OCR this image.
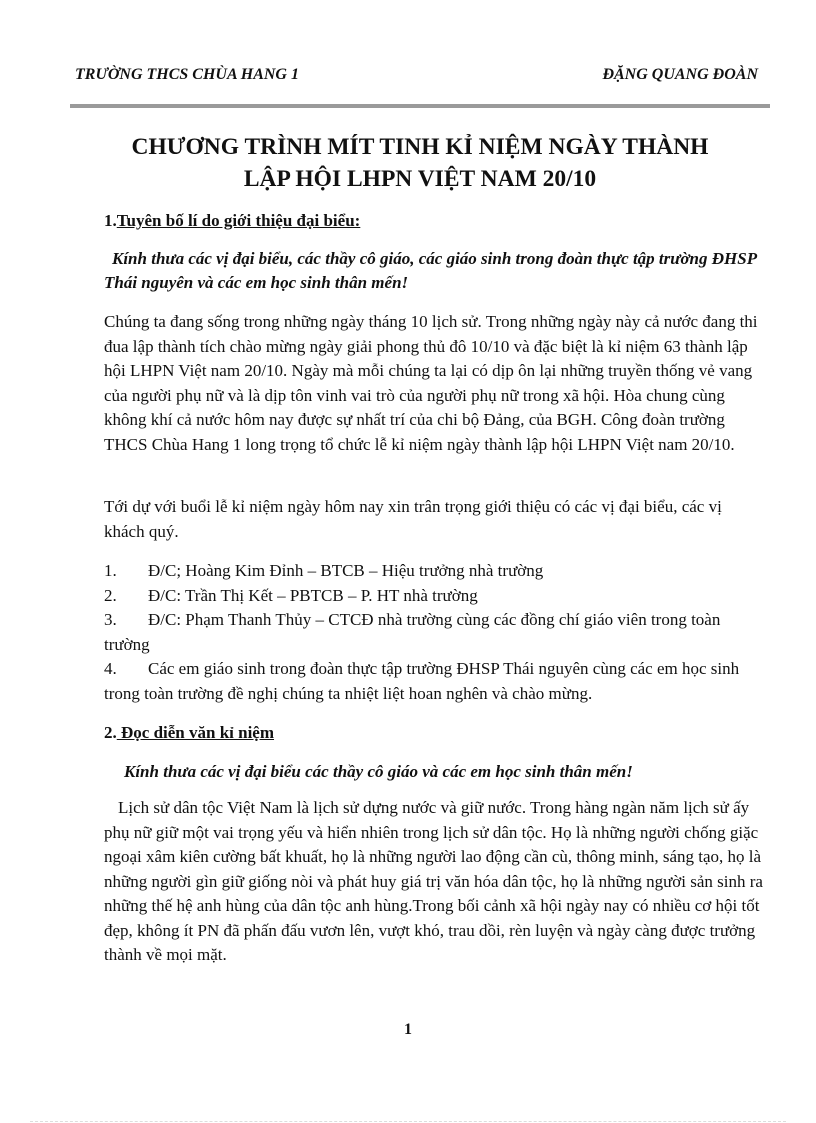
TRƯỜNG THCS CHÙA HANG 1	ĐẶNG QUANG ĐOÀN
CHƯƠNG TRÌNH MÍT TINH KỈ NIỆM NGÀY THÀNH
LẬP HỘI LHPN VIỆT NAM 20/10
1.Tuyên bố lí do giới thiệu đại biểu:

Kính thưa các vị đại biểu, các thầy cô giáo, các giáo sinh trong đoàn thực tập trường ĐHSP Thái nguyên và các em học sinh thân mến!

Chúng ta đang sống trong những ngày tháng 10 lịch sử. Trong những ngày này cả nước đang thi đua lập thành tích chào mừng ngày giải phong thủ đô 10/10 và đặc biệt là kỉ niệm 63 thành lập hội LHPN Việt nam 20/10. Ngày mà mỗi chúng ta lại có dịp ôn lại những truyền thống vẻ vang của người phụ nữ và là dịp tôn vinh vai trò của người phụ nữ trong xã hội. Hòa chung cùng không khí cả nước hôm nay được sự nhất trí của chi bộ Đảng, của BGH. Công đoàn trường THCS Chùa Hang 1 long trọng tổ chức lễ kỉ niệm ngày thành lập hội LHPN Việt nam 20/10.

Tới dự với buổi lễ kỉ niệm ngày hôm nay xin trân trọng giới thiệu có các vị đại biểu, các vị khách quý.

1. Đ/C; Hoàng Kim Đỉnh – BTCB – Hiệu trưởng nhà trường
2. Đ/C: Trần Thị Kết – PBTCB – P. HT nhà trường
3. Đ/C: Phạm Thanh Thủy – CTCĐ nhà trường cùng các đồng chí giáo viên trong toàn trường
4. Các em giáo sinh trong đoàn thực tập trường ĐHSP Thái nguyên cùng các em học sinh trong toàn trường đề nghị chúng ta nhiệt liệt hoan nghên và chào mừng.
2. Đọc diễn văn kỉ niệm

Kính thưa các vị đại biểu các thầy cô giáo và các em học sinh thân mến!

Lịch sử dân tộc Việt Nam là lịch sử dựng nước và giữ nước. Trong hàng ngàn năm lịch sử ấy phụ nữ giữ một vai trọng yếu và hiển nhiên trong lịch sử dân tộc. Họ là những người chống giặc ngoại xâm kiên cường bất khuất, họ là những người lao động cần cù, thông minh, sáng tạo, họ là những người gìn giữ giống nòi và phát huy giá trị văn hóa dân tộc, họ là những người sản sinh ra những thế hệ anh hùng của dân tộc anh hùng.Trong bối cảnh xã hội ngày nay có nhiều cơ hội tốt đẹp, không ít PN đã phấn đấu vươn lên, vượt khó, trau dồi, rèn luyện và ngày càng được trưởng thành về mọi mặt.

1
